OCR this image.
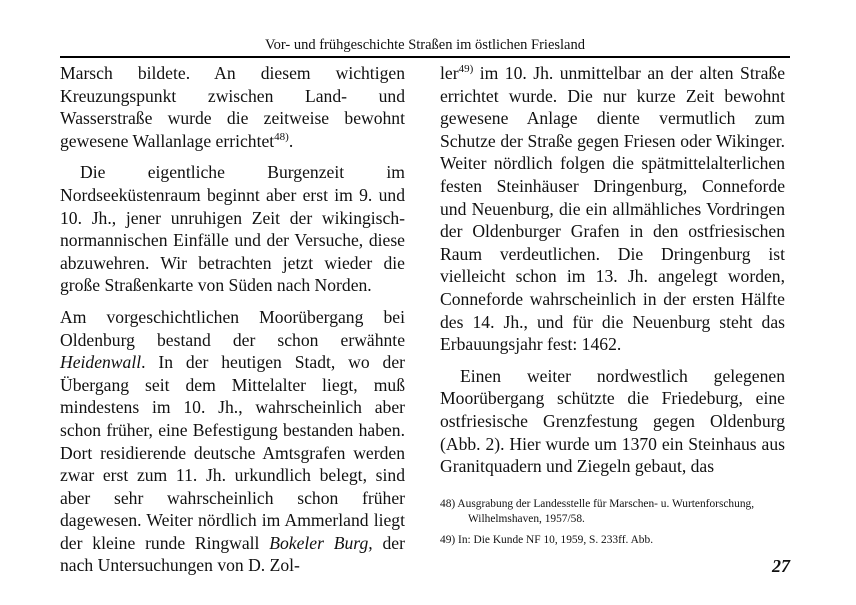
Vor- und frühgeschichte Straßen im östlichen Friesland

Marsch bildete. An diesem wichtigen Kreuzungspunkt zwischen Land- und Wasserstraße wurde die zeitweise bewohnt gewesene Wallanlage errichtet$^{48)}$.

Die eigentliche Burgenzeit im Nordseeküstenraum beginnt aber erst im 9. und 10. Jh., jener unruhigen Zeit der wikingisch-normannischen Einfälle und der Versuche, diese abzuwehren. Wir betrachten jetzt wieder die große Straßenkarte von Süden nach Norden.

Am vorgeschichtlichen Moorübergang bei Oldenburg bestand der schon erwähnte Heidenwall. In der heutigen Stadt, wo der Übergang seit dem Mittelalter liegt, muß mindestens im 10. Jh., wahrscheinlich aber schon früher, eine Befestigung bestanden haben. Dort residierende deutsche Amtsgrafen werden zwar erst zum 11. Jh. urkundlich belegt, sind aber sehr wahrscheinlich schon früher dagewesen. Weiter nördlich im Ammerland liegt der kleine runde Ringwall Bokeler Burg, der nach Untersuchungen von D. Zol-

ler$^{49)}$ im 10. Jh. unmittelbar an der alten Straße errichtet wurde. Die nur kurze Zeit bewohnt gewesene Anlage diente vermutlich zum Schutze der Straße gegen Friesen oder Wikinger. Weiter nördlich folgen die spätmittelalterlichen festen Steinhäuser Dringenburg, Conneforde und Neuenburg, die ein allmähliches Vordringen der Oldenburger Grafen in den ostfriesischen Raum verdeutlichen. Die Dringenburg ist vielleicht schon im 13. Jh. angelegt worden, Conneforde wahrscheinlich in der ersten Hälfte des 14. Jh., und für die Neuenburg steht das Erbauungsjahr fest: 1462.

Einen weiter nordwestlich gelegenen Moorübergang schützte die Friedeburg, eine ostfriesische Grenzfestung gegen Oldenburg (Abb. 2). Hier wurde um 1370 ein Steinhaus aus Granitquadern und Ziegeln gebaut, das

48) Ausgrabung der Landesstelle für Marschen- u. Wurtenforschung, Wilhelmshaven, 1957/58.

49) In: Die Kunde NF 10, 1959, S. 233ff. Abb.

27
